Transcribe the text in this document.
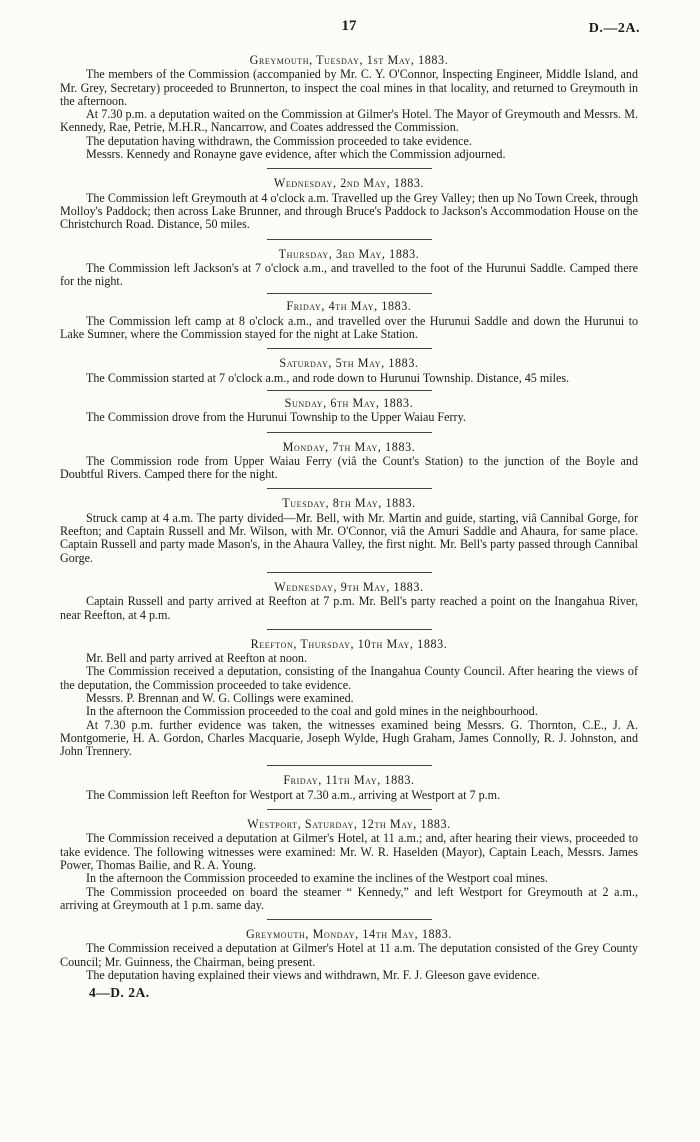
17	D.—2A.
Greymouth, Tuesday, 1st May, 1883.

The members of the Commission (accompanied by Mr. C. Y. O'Connor, Inspecting Engineer, Middle Island, and Mr. Grey, Secretary) proceeded to Brunnerton, to inspect the coal mines in that locality, and returned to Greymouth in the afternoon.

At 7.30 p.m. a deputation waited on the Commission at Gilmer's Hotel. The Mayor of Greymouth and Messrs. M. Kennedy, Rae, Petrie, M.H.R., Nancarrow, and Coates addressed the Commission.

The deputation having withdrawn, the Commission proceeded to take evidence.

Messrs. Kennedy and Ronayne gave evidence, after which the Commission adjourned.

Wednesday, 2nd May, 1883.

The Commission left Greymouth at 4 o'clock a.m. Travelled up the Grey Valley; then up No Town Creek, through Molloy's Paddock; then across Lake Brunner, and through Bruce's Paddock to Jackson's Accommodation House on the Christchurch Road. Distance, 50 miles.

Thursday, 3rd May, 1883.

The Commission left Jackson's at 7 o'clock a.m., and travelled to the foot of the Hurunui Saddle. Camped there for the night.

Friday, 4th May, 1883.

The Commission left camp at 8 o'clock a.m., and travelled over the Hurunui Saddle and down the Hurunui to Lake Sumner, where the Commission stayed for the night at Lake Station.

Saturday, 5th May, 1883.

The Commission started at 7 o'clock a.m., and rode down to Hurunui Township. Distance, 45 miles.

Sunday, 6th May, 1883.

The Commission drove from the Hurunui Township to the Upper Waiau Ferry.

Monday, 7th May, 1883.

The Commission rode from Upper Waiau Ferry (viâ the Count's Station) to the junction of the Boyle and Doubtful Rivers. Camped there for the night.

Tuesday, 8th May, 1883.

Struck camp at 4 a.m. The party divided—Mr. Bell, with Mr. Martin and guide, starting, viâ Cannibal Gorge, for Reefton; and Captain Russell and Mr. Wilson, with Mr. O'Connor, viâ the Amuri Saddle and Ahaura, for same place. Captain Russell and party made Mason's, in the Ahaura Valley, the first night. Mr. Bell's party passed through Cannibal Gorge.

Wednesday, 9th May, 1883.

Captain Russell and party arrived at Reefton at 7 p.m. Mr. Bell's party reached a point on the Inangahua River, near Reefton, at 4 p.m.

Reefton, Thursday, 10th May, 1883.

Mr. Bell and party arrived at Reefton at noon.

The Commission received a deputation, consisting of the Inangahua County Council. After hearing the views of the deputation, the Commission proceeded to take evidence.

Messrs. P. Brennan and W. G. Collings were examined.

In the afternoon the Commission proceeded to the coal and gold mines in the neighbourhood.

At 7.30 p.m. further evidence was taken, the witnesses examined being Messrs. G. Thornton, C.E., J. A. Montgomerie, H. A. Gordon, Charles Macquarie, Joseph Wylde, Hugh Graham, James Connolly, R. J. Johnston, and John Trennery.

Friday, 11th May, 1883.

The Commission left Reefton for Westport at 7.30 a.m., arriving at Westport at 7 p.m.

Westport, Saturday, 12th May, 1883.

The Commission received a deputation at Gilmer's Hotel, at 11 a.m.; and, after hearing their views, proceeded to take evidence. The following witnesses were examined: Mr. W. R. Haselden (Mayor), Captain Leach, Messrs. James Power, Thomas Bailie, and R. A. Young.

In the afternoon the Commission proceeded to examine the inclines of the Westport coal mines.

The Commission proceeded on board the steamer “ Kennedy,” and left Westport for Greymouth at 2 a.m., arriving at Greymouth at 1 p.m. same day.

Greymouth, Monday, 14th May, 1883.

The Commission received a deputation at Gilmer's Hotel at 11 a.m. The deputation consisted of the Grey County Council; Mr. Guinness, the Chairman, being present.

The deputation having explained their views and withdrawn, Mr. F. J. Gleeson gave evidence.

4—D. 2A.
